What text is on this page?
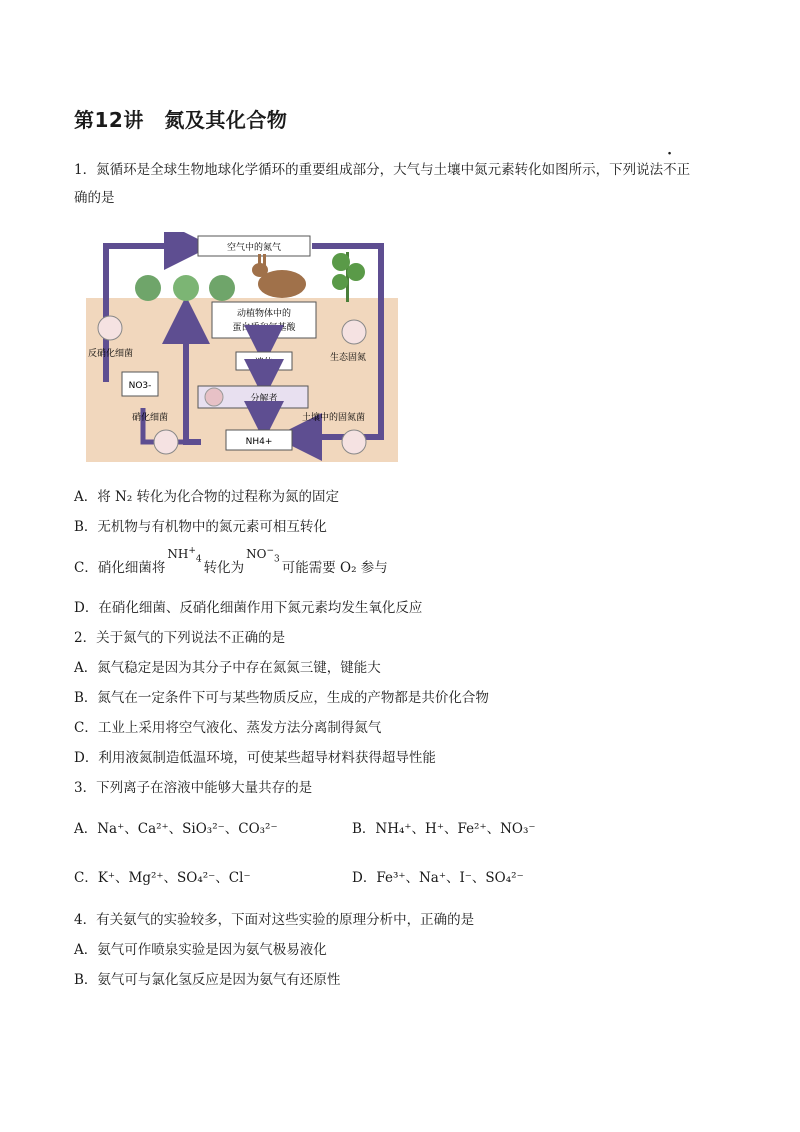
第12讲　氮及其化合物
1．氮循环是全球生物地球化学循环的重要组成部分，大气与土壤中氮元素转化如图所示，下列说法不正
确的是
空气中的氮气
动植物体中的
蛋白质和氨基酸
遗体
分解者
NH4+
NO3-
反硝化细菌
硝化细菌
生态固氮
土壤中的固氮菌
A．将 N₂ 转化为化合物的过程称为氮的固定
B．无机物与有机物中的氮元素可相互转化
C．硝化细菌将$NH^+_4$转化为$NO^-_3$可能需要 O₂ 参与
D．在硝化细菌、反硝化细菌作用下氮元素均发生氧化反应
2．关于氮气的下列说法不正确的是
A．氮气稳定是因为其分子中存在氮氮三键，键能大
B．氮气在一定条件下可与某些物质反应，生成的产物都是共价化合物
C．工业上采用将空气液化、蒸发方法分离制得氮气
D．利用液氮制造低温环境，可使某些超导材料获得超导性能
3．下列离子在溶液中能够大量共存的是
A．Na⁺、Ca²⁺、SiO₃²⁻、CO₃²⁻	B．NH₄⁺、H⁺、Fe²⁺、NO₃⁻
C．K⁺、Mg²⁺、SO₄²⁻、Cl⁻	D．Fe³⁺、Na⁺、I⁻、SO₄²⁻
4．有关氨气的实验较多，下面对这些实验的原理分析中，正确的是
A．氨气可作喷泉实验是因为氨气极易液化
B．氨气可与氯化氢反应是因为氨气有还原性
